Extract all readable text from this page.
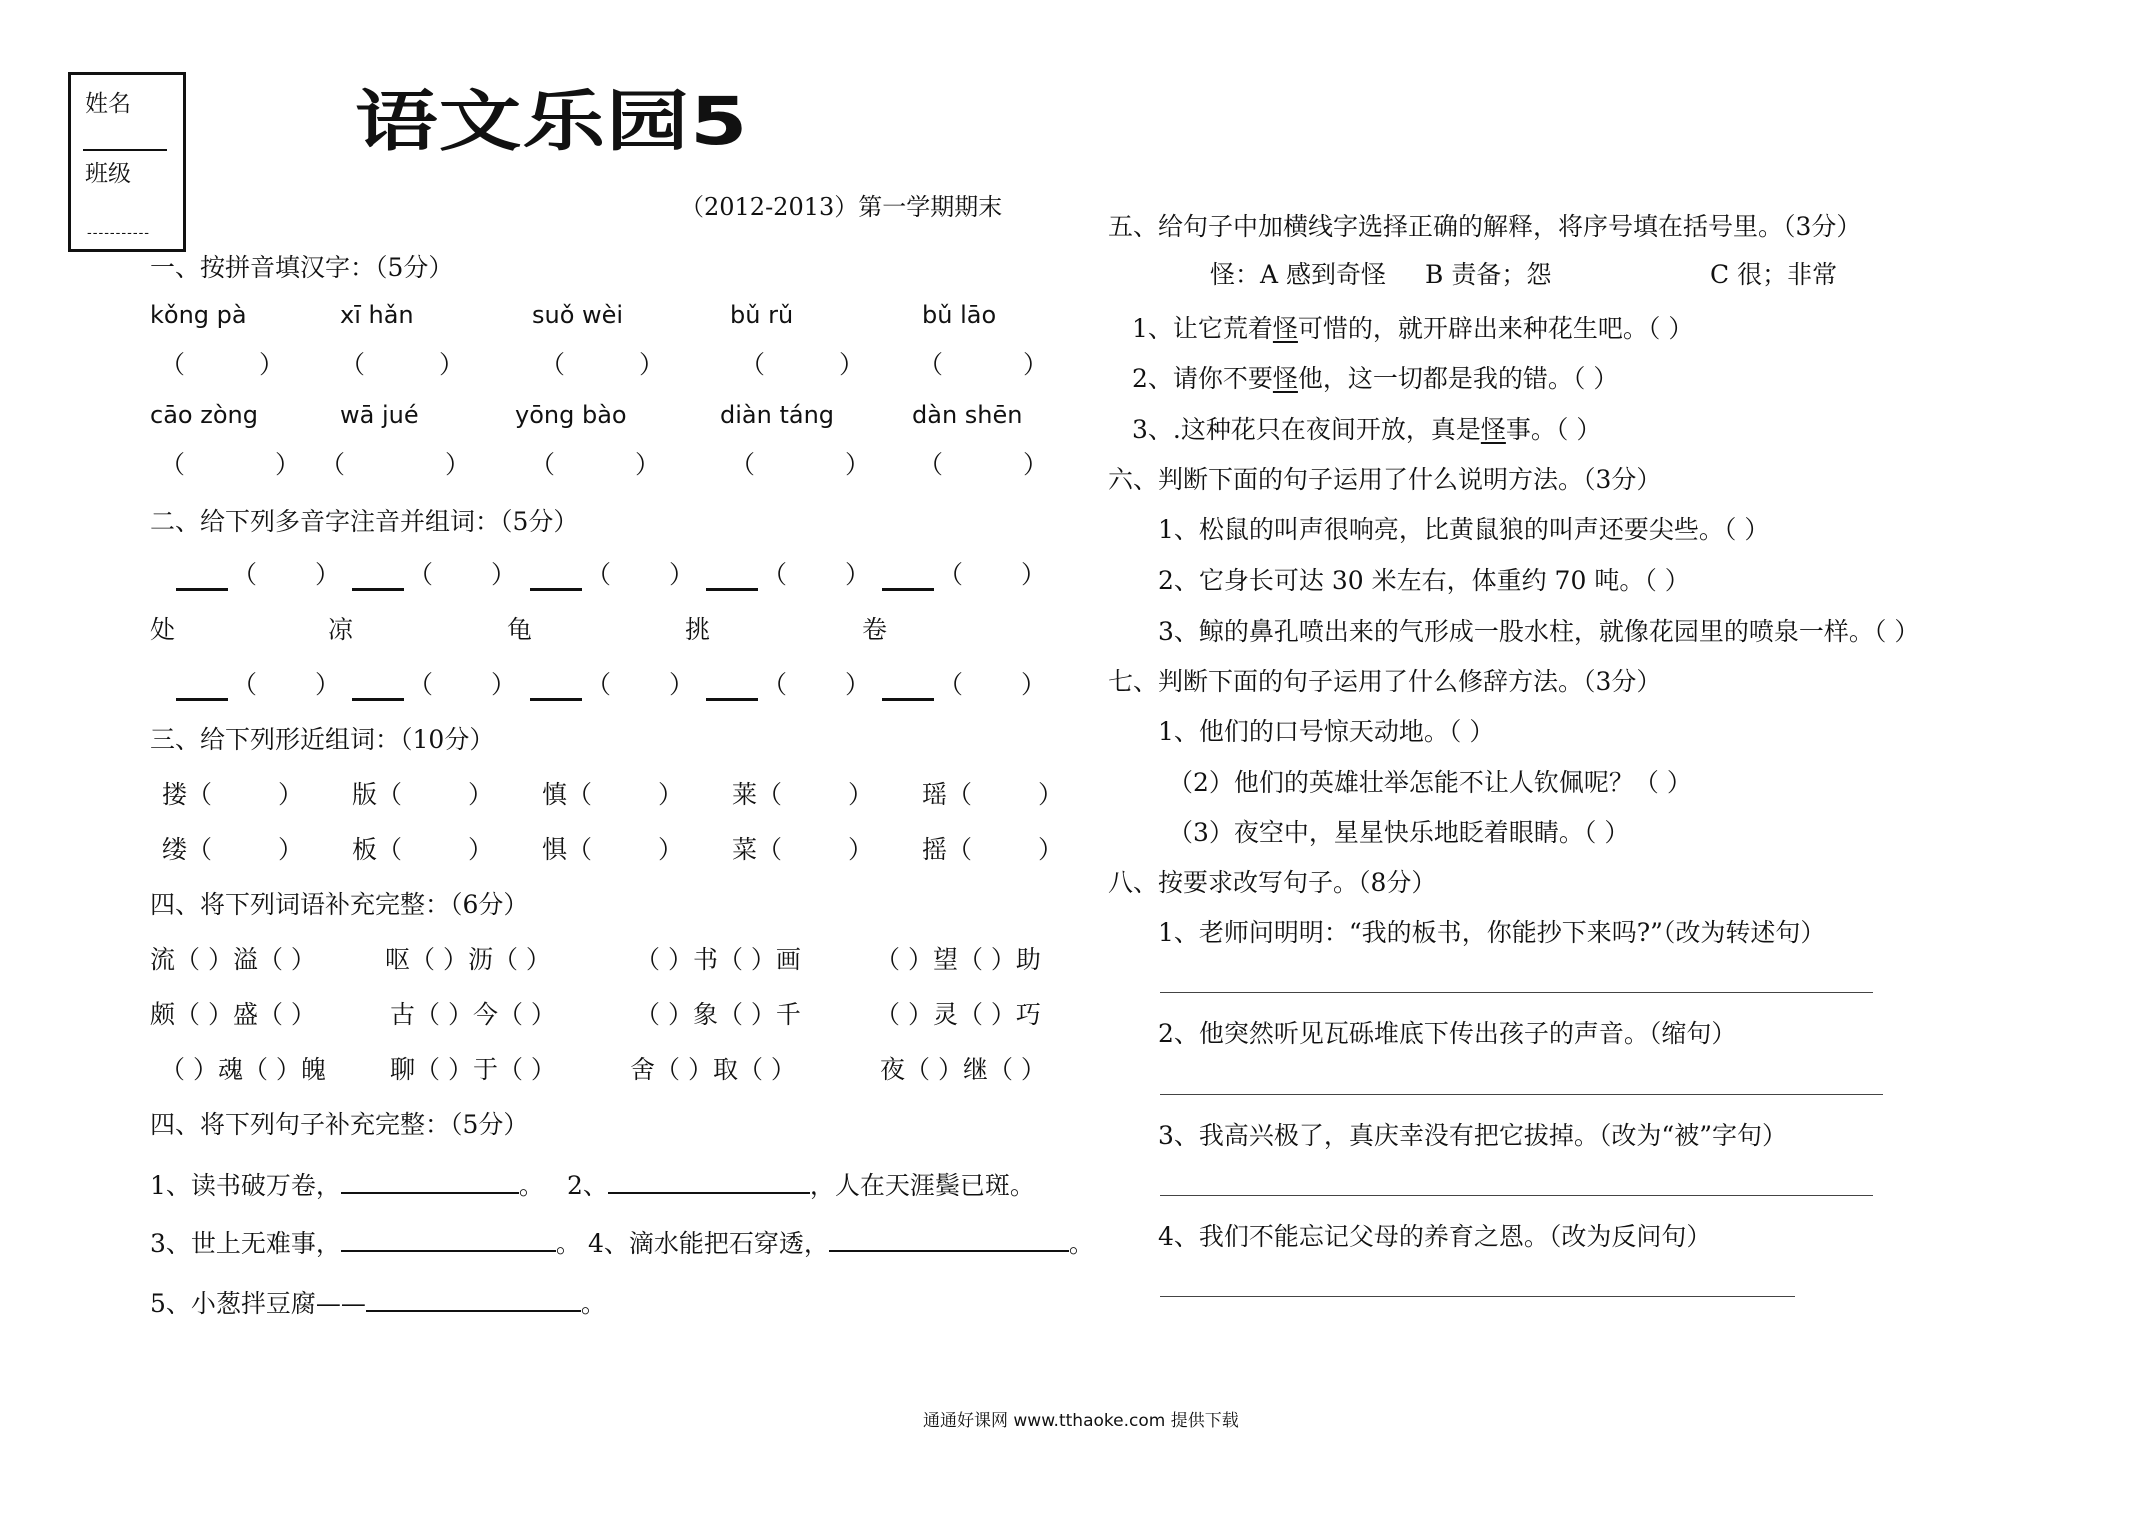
姓名
班级
-----------
语文乐园5
（2012-2013）第一学期期末
一、按拼音填汉字：（5分）
kǒng pà	xī hǎn	suǒ wèi	bǔ rǔ	bǔ lāo
（	） （	）	（	）	（	） （	）
cāo zòng	wā jué	yōng bào	diàn táng	dàn shēn
（	） （	） （	）	（	） （	）
二、给下列多音字注音并组词：（5分）
（ ）	（ ）	（ ）	（ ）	（ ）
处	凉	龟	挑	卷
（ ）	（ ）	（ ）	（ ）	（ ）
三、给下列形近组词：（10分）
搂（	） 版（	） 慎（	） 莱（	） 瑶（	）
缕（	） 板（	） 惧（	） 菜（	） 摇（	）
四、将下列词语补充完整：（6分）
流（ ）溢（ ）	呕（ ）沥（ ）	（ ）书（ ）画	（ ）望（ ）助
颇（ ）盛（ ）	古（ ）今（ ）	（ ）象（ ）千	（ ）灵（ ）巧
（ ）魂（ ）魄	聊（ ）于（ ）	舍（ ）取（ ）	夜（ ）继（ ）
四、将下列句子补充完整：（5分）
1、读书破万卷，	。 2、	，人在天涯鬓已斑。
3、世上无难事，	。 4、滴水能把石穿透，	。
5、小葱拌豆腐——	。
五、给句子中加横线字选择正确的解释，将序号填在括号里。（3分）
怪：A 感到奇怪 B 责备；怨	C 很；非常
1、让它荒着怪可惜的，就开辟出来种花生吧。（ ）
2、请你不要怪他，这一切都是我的错。（ ）
3、.这种花只在夜间开放，真是怪事。（ ）
六、判断下面的句子运用了什么说明方法。（3分）
1、松鼠的叫声很响亮，比黄鼠狼的叫声还要尖些。（ ）
2、它身长可达 30 米左右，体重约 70 吨。（ ）
3、鲸的鼻孔喷出来的气形成一股水柱，就像花园里的喷泉一样。（ ）
七、判断下面的句子运用了什么修辞方法。（3分）
1、他们的口号惊天动地。（ ）
（2）他们的英雄壮举怎能不让人钦佩呢？（ ）
（3）夜空中，星星快乐地眨着眼睛。（ ）
八、按要求改写句子。（8分）
1、老师问明明：“我的板书，你能抄下来吗?”（改为转述句）
2、他突然听见瓦砾堆底下传出孩子的声音。（缩句）
3、我高兴极了，真庆幸没有把它拔掉。（改为“被”字句）
4、我们不能忘记父母的养育之恩。（改为反问句）
通通好课网 www.tthaoke.com 提供下载
